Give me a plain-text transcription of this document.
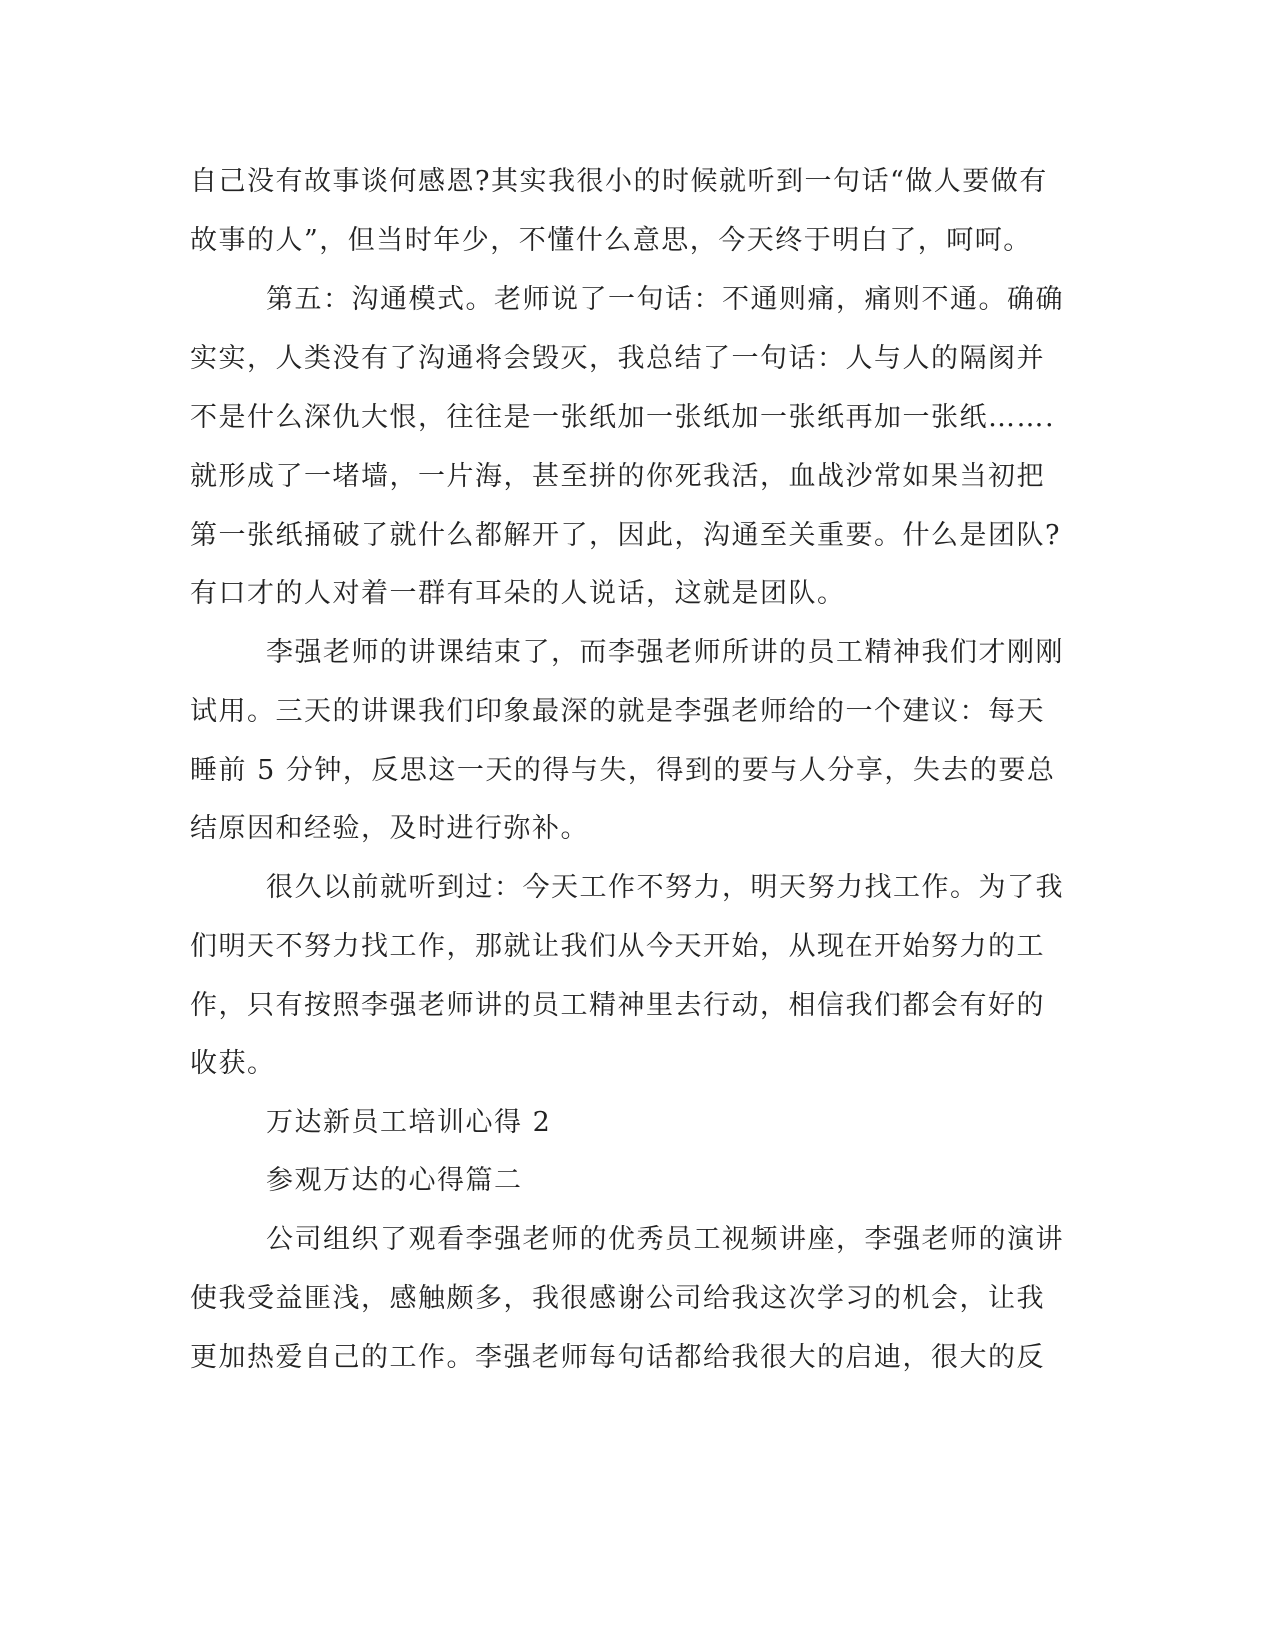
自己没有故事谈何感恩?其实我很小的时候就听到一句话“做人要做有
故事的人”，但当时年少，不懂什么意思，今天终于明白了，呵呵。
第五：沟通模式。老师说了一句话：不通则痛，痛则不通。确确
实实，人类没有了沟通将会毁灭，我总结了一句话：人与人的隔阂并
不是什么深仇大恨，往往是一张纸加一张纸加一张纸再加一张纸…….
就形成了一堵墙，一片海，甚至拼的你死我活，血战沙常如果当初把
第一张纸捅破了就什么都解开了，因此，沟通至关重要。什么是团队?
有口才的人对着一群有耳朵的人说话，这就是团队。
李强老师的讲课结束了，而李强老师所讲的员工精神我们才刚刚
试用。三天的讲课我们印象最深的就是李强老师给的一个建议：每天
睡前 5 分钟，反思这一天的得与失，得到的要与人分享，失去的要总
结原因和经验，及时进行弥补。
很久以前就听到过：今天工作不努力，明天努力找工作。为了我
们明天不努力找工作，那就让我们从今天开始，从现在开始努力的工
作，只有按照李强老师讲的员工精神里去行动，相信我们都会有好的
收获。
万达新员工培训心得 2
参观万达的心得篇二
公司组织了观看李强老师的优秀员工视频讲座，李强老师的演讲
使我受益匪浅，感触颇多，我很感谢公司给我这次学习的机会，让我
更加热爱自己的工作。李强老师每句话都给我很大的启迪，很大的反
